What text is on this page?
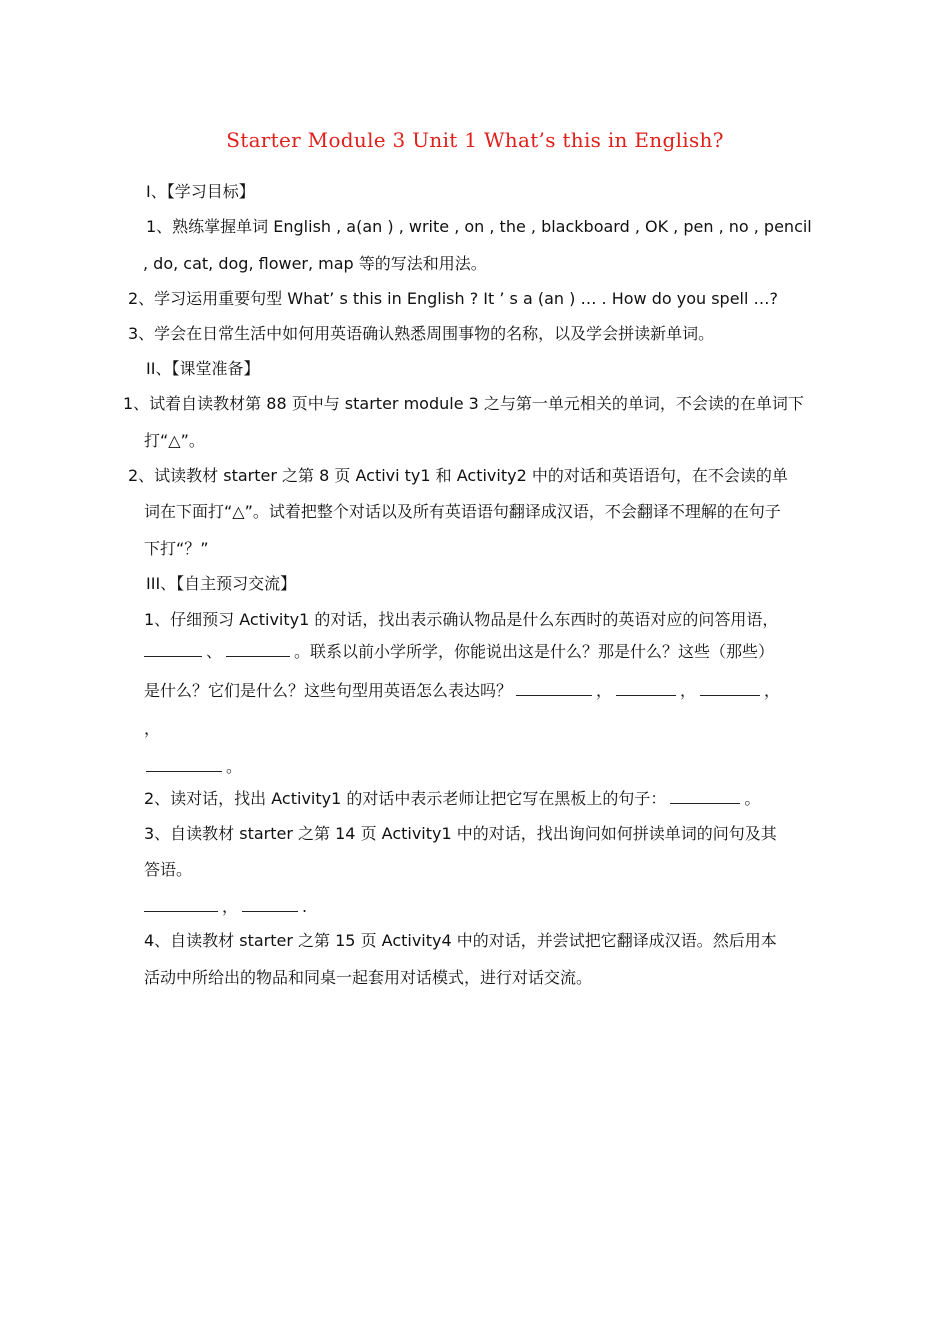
Starter Module 3 Unit 1 What’s this in English?
I、【学习目标】
1、熟练掌握单词 English , a(an ) , write , on , the , blackboard , OK , pen , no , pencil
, do, cat, dog, flower, map 等的写法和用法。
2、学习运用重要句型 What’ s this in English ? It ’ s a (an ) … . How do you spell …?
3、学会在日常生活中如何用英语确认熟悉周围事物的名称，以及学会拼读新单词。
II、【课堂准备】
1、试着自读教材第 88 页中与 starter module 3 之与第一单元相关的单词，不会读的在单词下
打“△”。
2、试读教材 starter 之第 8 页 Activi ty1 和 Activity2 中的对话和英语语句，在不会读的单
词在下面打“△”。试着把整个对话以及所有英语语句翻译成汉语，不会翻译不理解的在句子
下打“？”
III、【自主预习交流】
1、仔细预习 Activity1 的对话，找出表示确认物品是什么东西时的英语对应的问答用语，
、	。联系以前小学所学，你能说出这是什么？那是什么？这些（那些）
是什么？它们是什么？这些句型用英语怎么表达吗？	，	，	，
，
。
2、读对话，找出 Activity1 的对话中表示老师让把它写在黑板上的句子：	。
3、自读教材 starter 之第 14 页 Activity1 中的对话，找出询问如何拼读单词的问句及其
答语。
，	.
4、自读教材 starter 之第 15 页 Activity4 中的对话，并尝试把它翻译成汉语。然后用本
活动中所给出的物品和同桌一起套用对话模式，进行对话交流。
